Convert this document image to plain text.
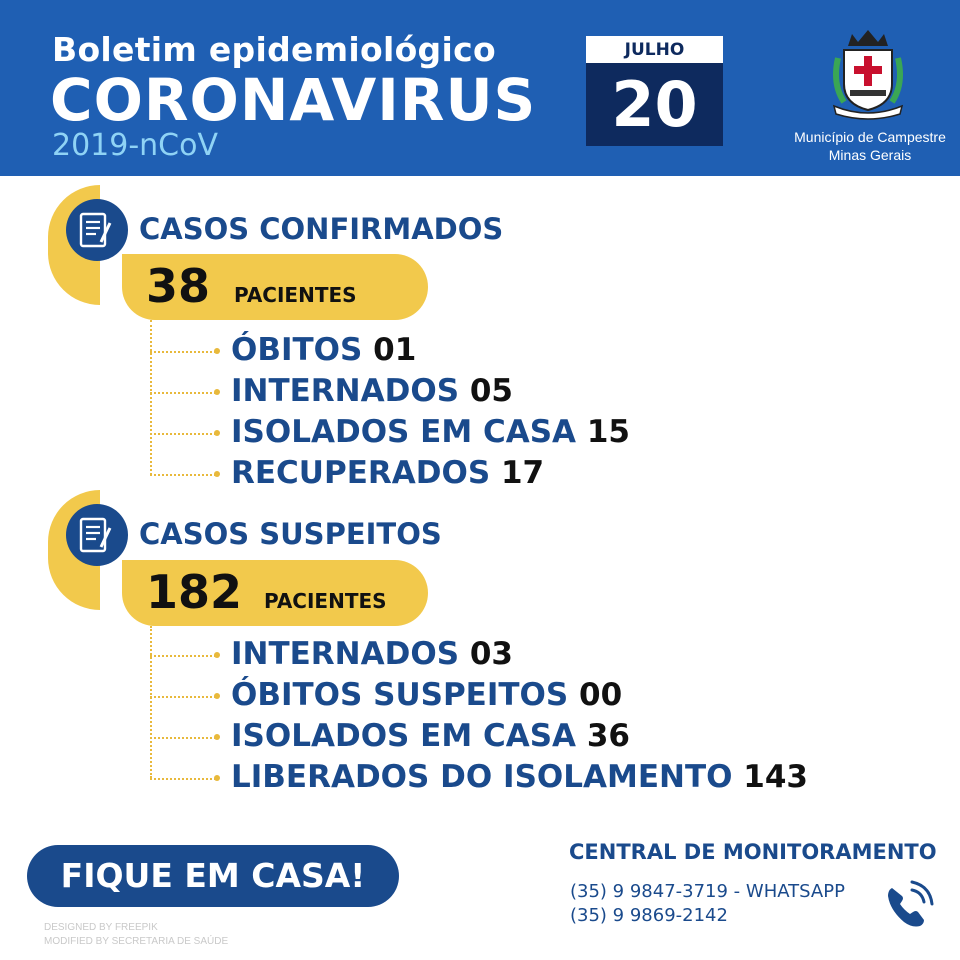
Boletim epidemiológico
CORONAVIRUS
2019-nCoV
JULHO
20	Município de Campestre
Minas Gerais
CASOS CONFIRMADOS
38 PACIENTES
ÓBITOS 01
INTERNADOS 05
ISOLADOS EM CASA 15
RECUPERADOS 17
CASOS SUSPEITOS
182 PACIENTES
INTERNADOS 03
ÓBITOS SUSPEITOS 00
ISOLADOS EM CASA 36
LIBERADOS DO ISOLAMENTO 143
FIQUE EM CASA!
DESIGNED BY FREEPIK
MODIFIED BY SECRETARIA DE SAÚDE
CENTRAL DE MONITORAMENTO
(35) 9 9847-3719 - WHATSAPP
(35) 9 9869-2142
